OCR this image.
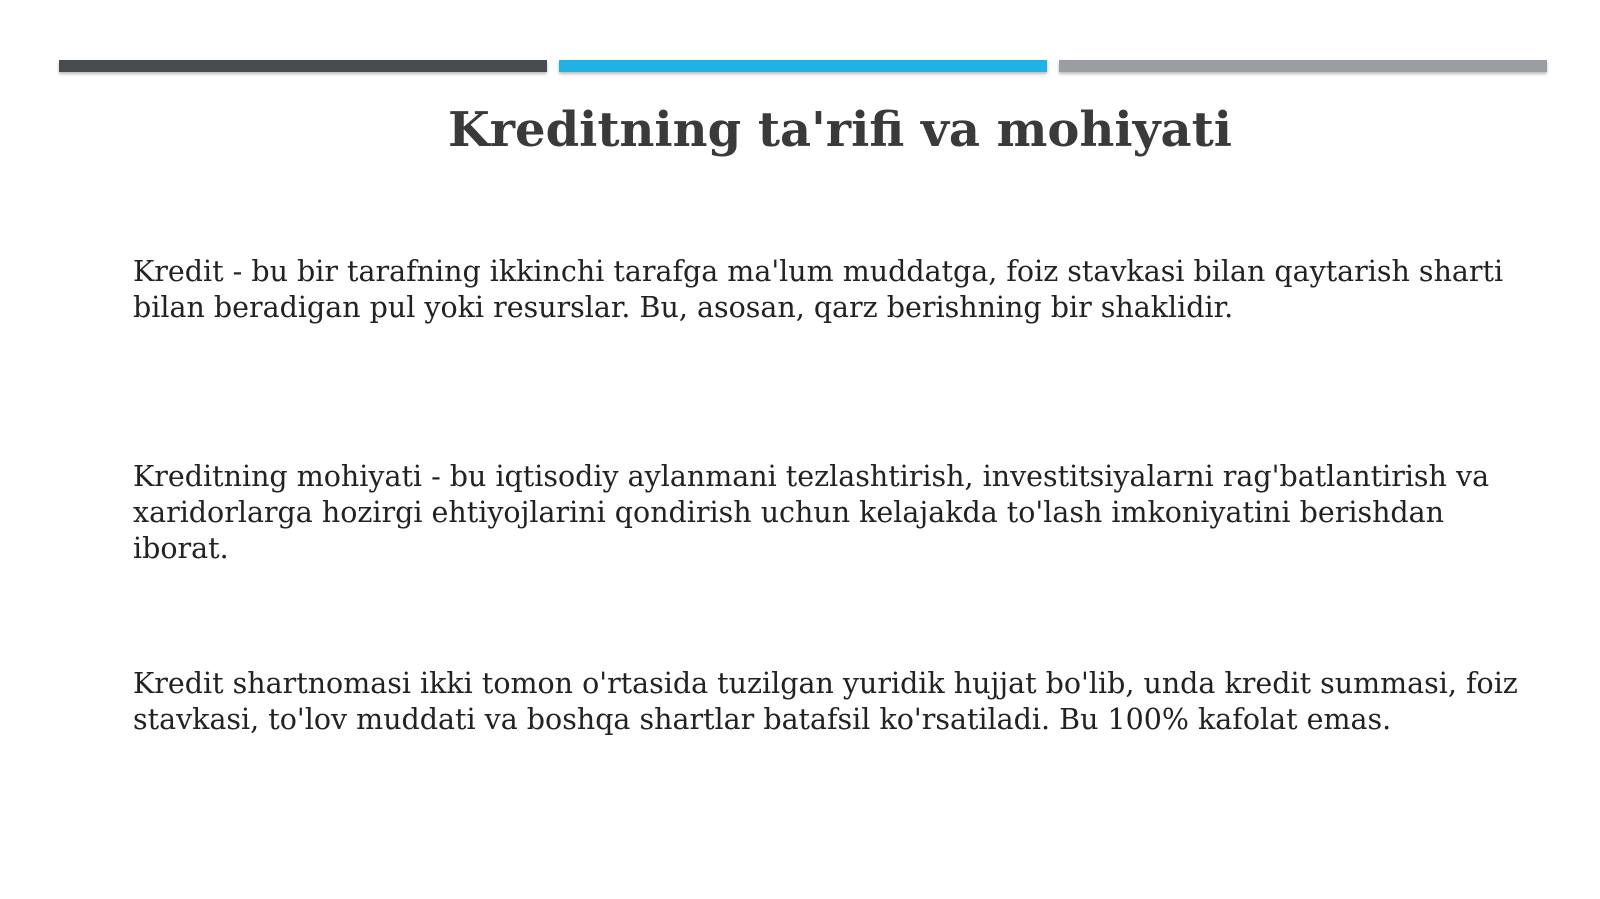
Kreditning ta'rifi va mohiyati

Kredit - bu bir tarafning ikkinchi tarafga ma'lum muddatga, foiz stavkasi bilan qaytarish sharti bilan beradigan pul yoki resurslar. Bu, asosan, qarz berishning bir shaklidir.

Kreditning mohiyati - bu iqtisodiy aylanmani tezlashtirish, investitsiyalarni rag'batlantirish va xaridorlarga hozirgi ehtiyojlarini qondirish uchun kelajakda to'lash imkoniyatini berishdan iborat.

Kredit shartnomasi ikki tomon o'rtasida tuzilgan yuridik hujjat bo'lib, unda kredit summasi, foiz stavkasi, to'lov muddati va boshqa shartlar batafsil ko'rsatiladi. Bu 100% kafolat emas.
